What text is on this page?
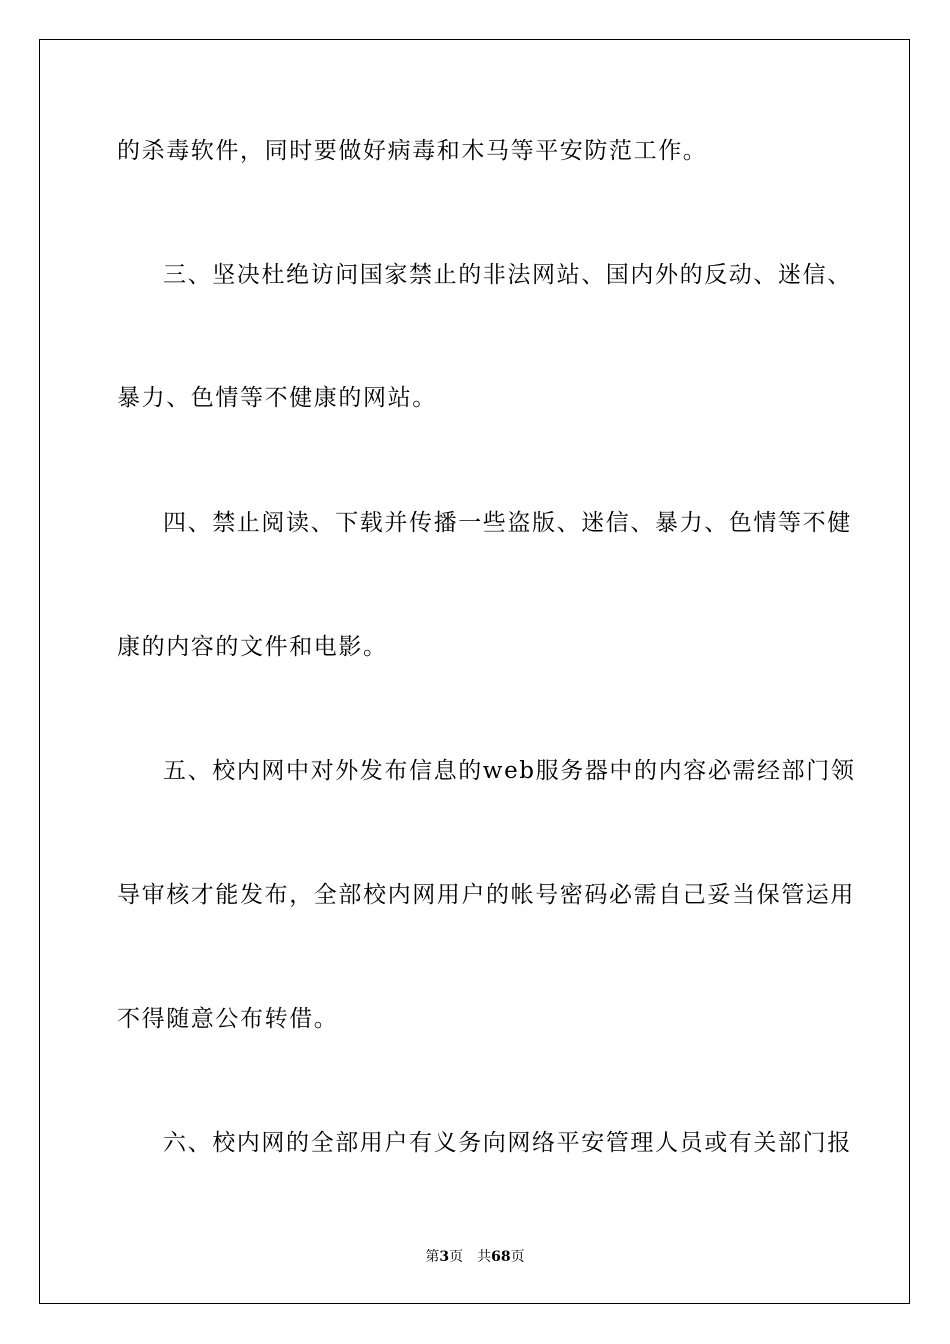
的杀毒软件，同时要做好病毒和木马等平安防范工作。
三、坚决杜绝访问国家禁止的非法网站、国内外的反动、迷信、
暴力、色情等不健康的网站。
四、禁止阅读、下载并传播一些盗版、迷信、暴力、色情等不健
康的内容的文件和电影。
五、校内网中对外发布信息的web服务器中的内容必需经部门领
导审核才能发布，全部校内网用户的帐号密码必需自己妥当保管运用
不得随意公布转借。
六、校内网的全部用户有义务向网络平安管理人员或有关部门报
第3页 共68页
